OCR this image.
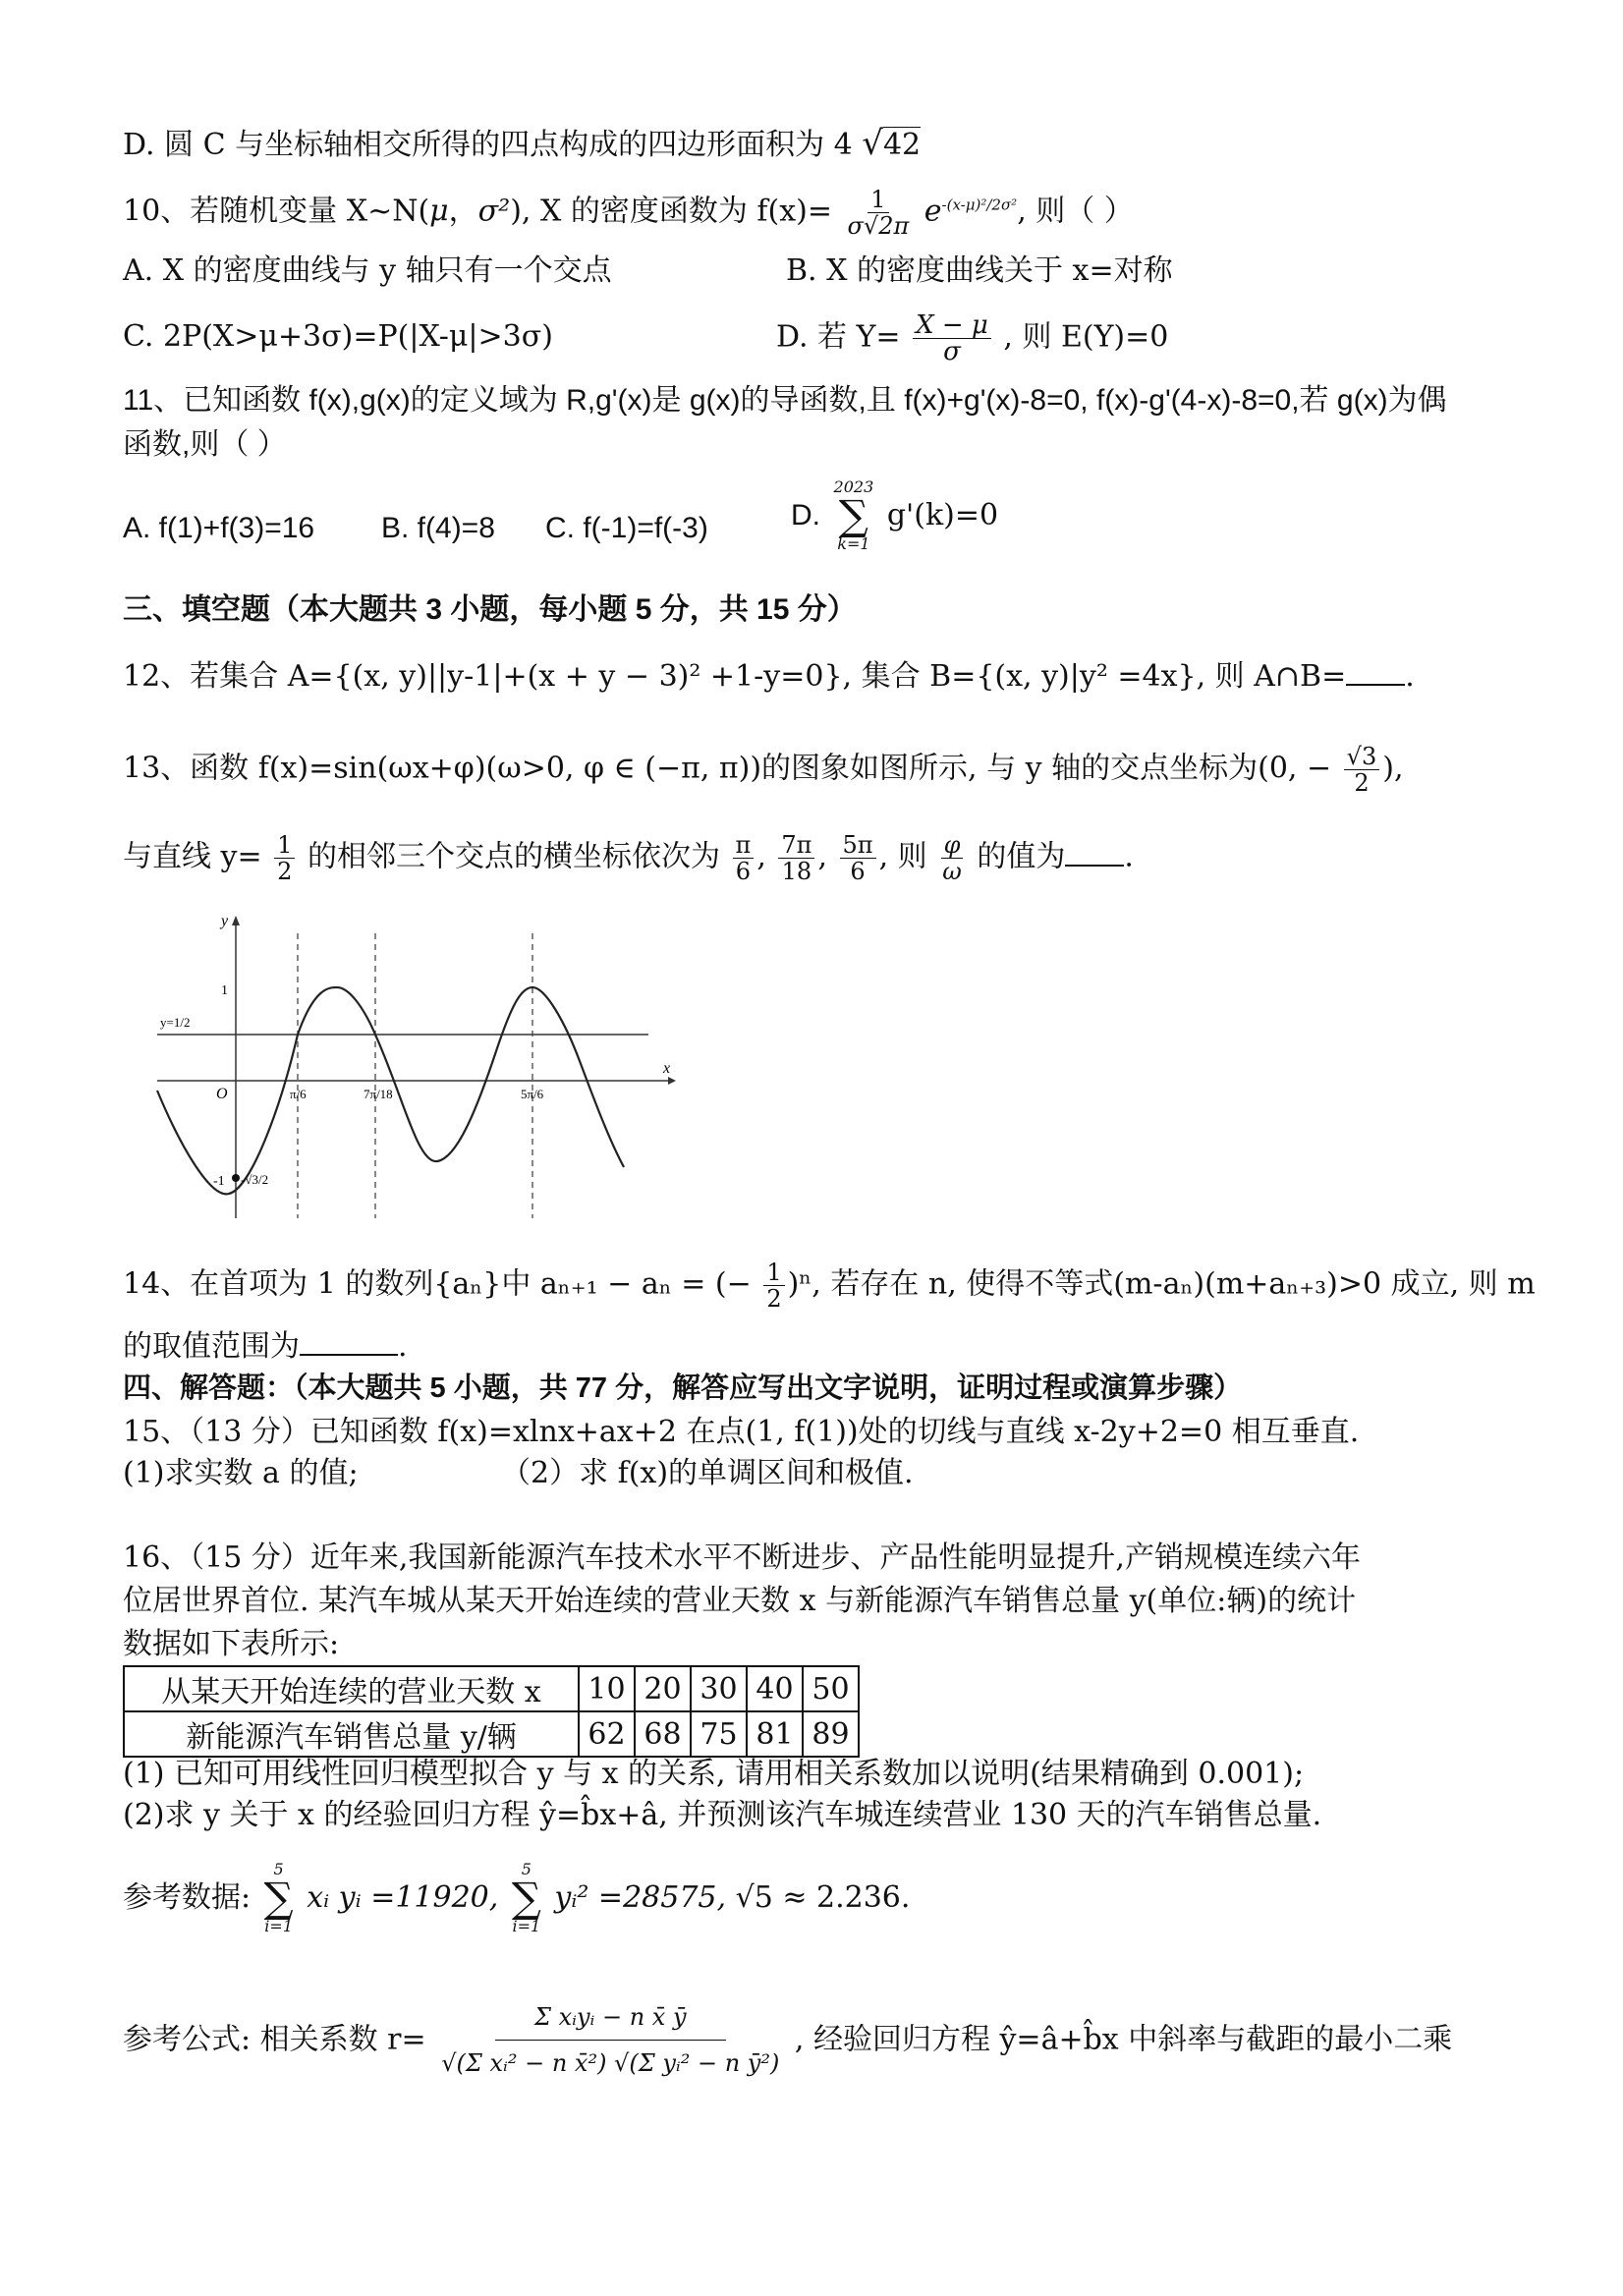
D. 圆 C 与坐标轴相交所得的四点构成的四边形面积为 4 √42
10、若随机变量 X~N(μ，σ²), X 的密度函数为 $f(x)= \frac{1}{\sigma√2\pi} e^{-(x-\mu)^2/2\sigma^2}$, 则（ ）
A. X 的密度曲线与 y 轴只有一个交点	B. X 的密度曲线关于 x=对称
C. 2P(X>μ+3σ)=P(|X-μ|>3σ)	D. 若 $Y= \frac{X - \mu}{\sigma}$ , 则 E(Y)=0
11、已知函数 f(x),g(x)的定义域为 R,g'(x)是 g(x)的导函数,且 f(x)+g'(x)-8=0, f(x)-g'(4-x)-8=0,若 g(x)为偶
函数,则（ ）
A. f(1)+f(3)=16 B. f(4)=8 C. f(-1)=f(-3)	D.
2023
∑
k=1
g'(k)=0
三、填空题（本大题共 3 小题，每小题 5 分，共 15 分）
12、若集合 A={(x, y)||y-1|+(x + y − 3)² +1-y=0}, 集合 B={(x, y)|y² =4x}, 则 A∩B= .
13、函数 f(x)=sin(ωx+φ)(ω>0, φ ∈ (−π, π))的图象如图所示, 与 y 轴的交点坐标为(0, − $\frac{√3}{2}$ ),
与直线 $y= \frac{1}{2}$ 的相邻三个交点的横坐标依次为 $\frac{\pi}{6}$ , $\frac{7\pi}{18}$ , $\frac{5\pi}{6}$ , 则 $\frac{\varphi}{\omega}$ 的值为 .
y
x
O
1
-1
y=1/2
-√3/2
π/6	7π/18	5π/6
14、在首项为 1 的数列{aₙ}中 aₙ₊₁ − aₙ = (− $\frac{1}{2} )^n$, 若存在 n, 使得不等式(m-aₙ)(m+aₙ₊₃)>0 成立, 则 m
的取值范围为	.
四、解答题：（本大题共 5 小题，共 77 分，解答应写出文字说明，证明过程或演算步骤）
15、（13 分）已知函数 f(x)=xlnx+ax+2 在点(1, f(1))处的切线与直线 x-2y+2=0 相互垂直.
(1)求实数 a 的值;	（2）求 f(x)的单调区间和极值.
16、（15 分）近年来,我国新能源汽车技术水平不断进步、产品性能明显提升,产销规模连续六年
位居世界首位. 某汽车城从某天开始连续的营业天数 x 与新能源汽车销售总量 y(单位:辆)的统计
数据如下表所示:
从某天开始连续的营业天数 x	10	20	30	40	50
新能源汽车销售总量 y/辆	62	68	75	81	89
(1) 已知可用线性回归模型拟合 y 与 x 的关系, 请用相关系数加以说明(结果精确到 0.001);
(2)求 y 关于 x 的经验回归方程 ŷ=b̂x+â, 并预测该汽车城连续营业 130 天的汽车销售总量.
参考数据:
5
∑
i=1
xᵢ yᵢ =11920,
5
∑
i=1
yᵢ² =28575, √5 ≈ 2.236.
参考公式: 相关系数 $r= \frac{\text{Σ xᵢyᵢ − n x̄ ȳ}}{\text{√(Σ xᵢ² − n x̄²) √(Σ yᵢ² − n ȳ²)}}$ , 经验回归方程 ŷ=â+b̂x 中斜率与截距的最小二乘
